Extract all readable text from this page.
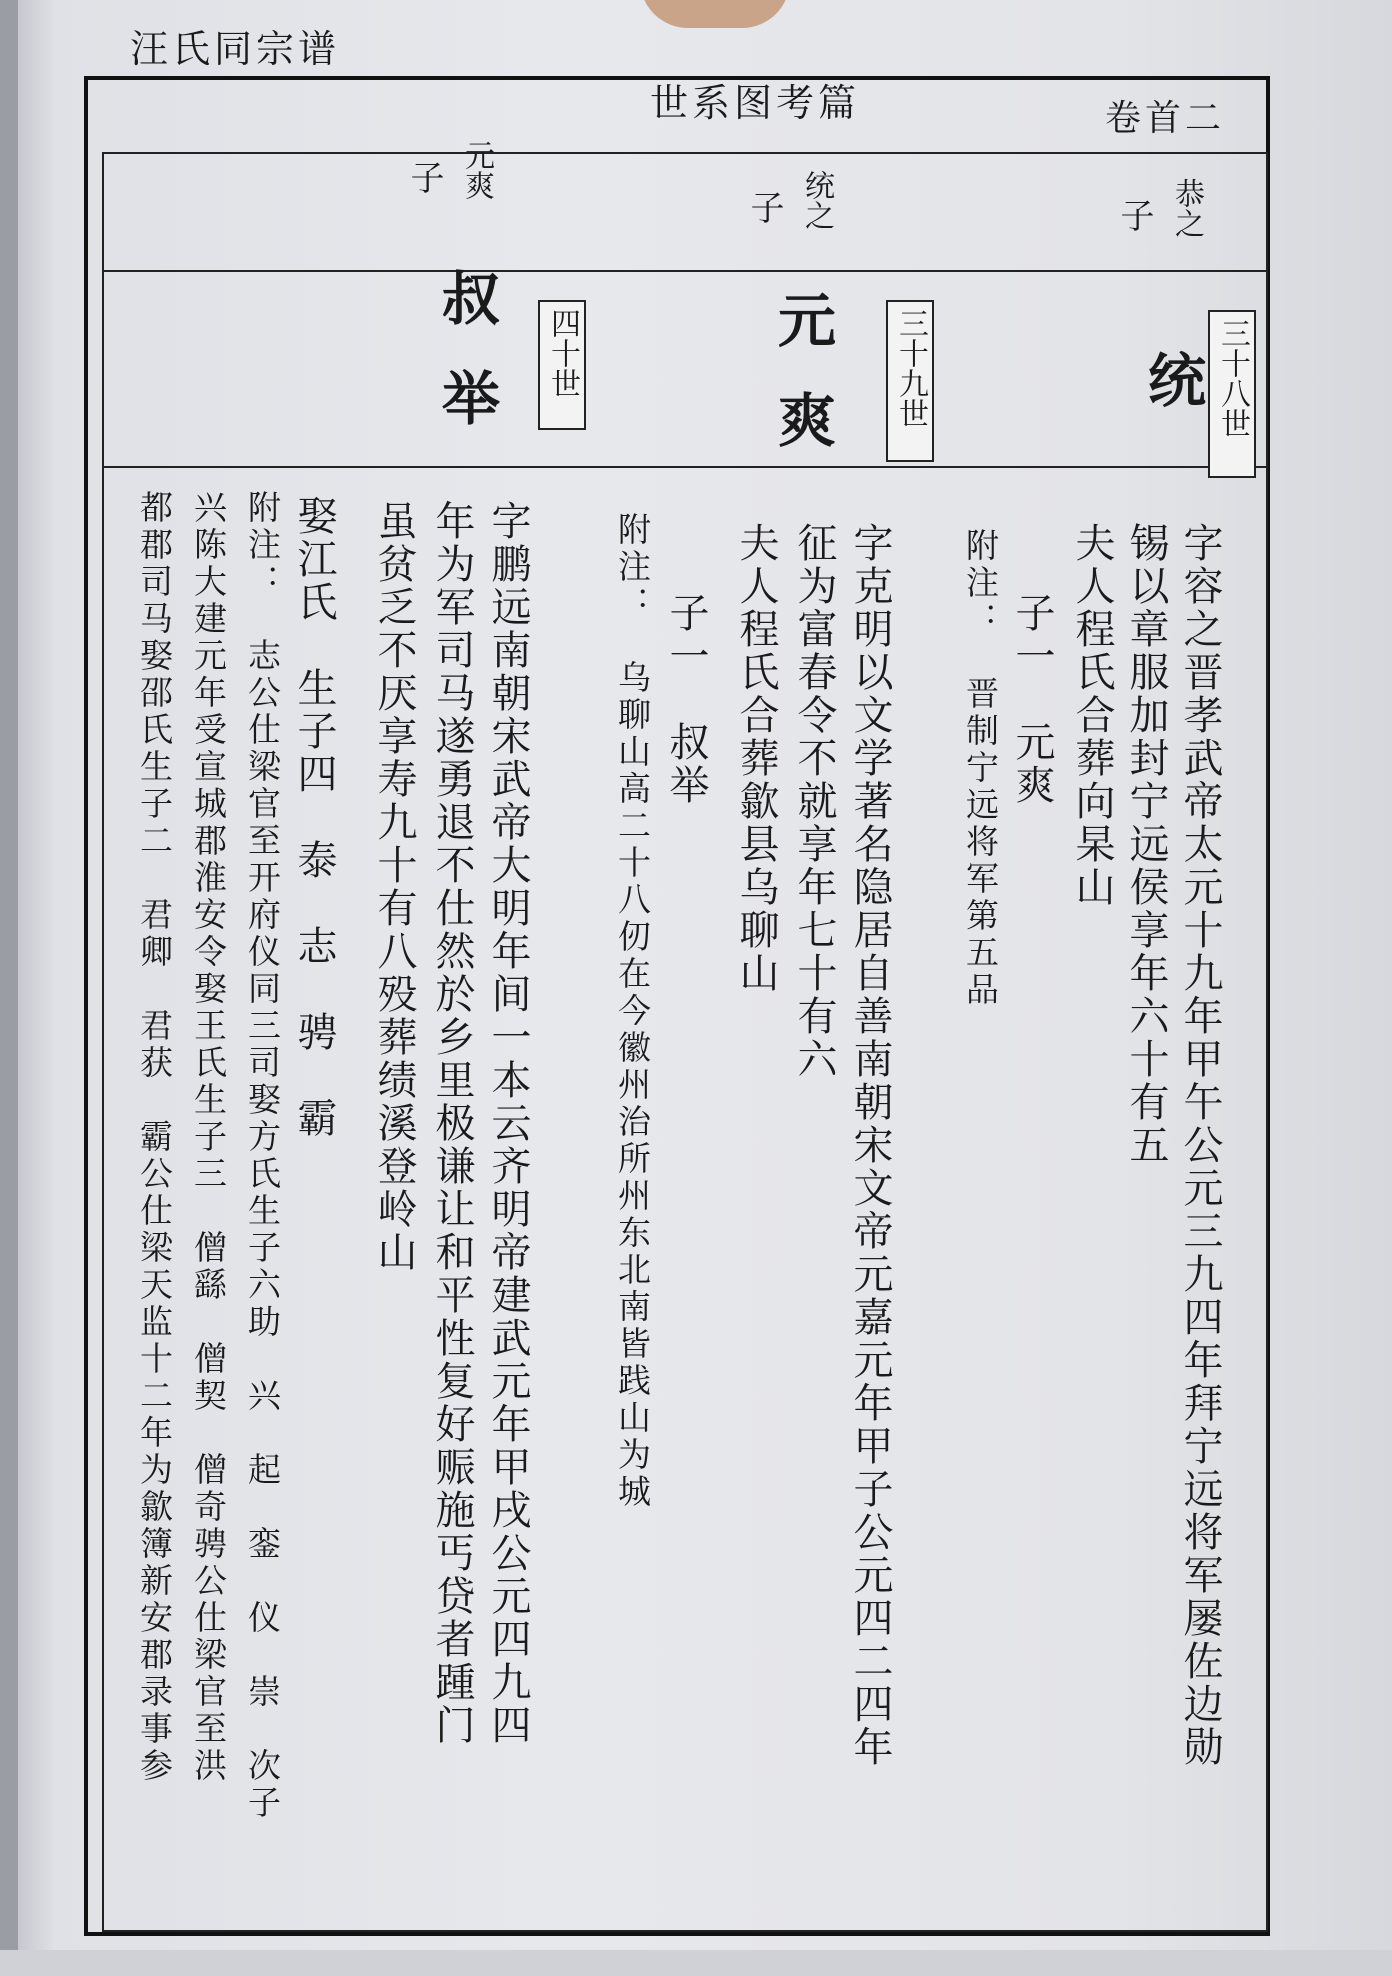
汪氏同宗谱
世系图考篇	卷首二
恭之
子
统之
子
元爽
子
统 三十八世
元爽 三十九世
叔举 四十世
字容之晋孝武帝太元十九年甲午公元三九四年拜宁远将军屡佐边勋
锡以章服加封宁远侯享年六十有五
夫人程氏合葬向杲山
子一　元爽
附注：　晋制宁远将军第五品
字克明以文学著名隐居自善南朝宋文帝元嘉元年甲子公元四二四年
征为富春令不就享年七十有六
夫人程氏合葬歙县乌聊山
子一　叔举
附注：　乌聊山高二十八仞在今徽州治所州东北南皆践山为城
字鹏远南朝宋武帝大明年间一本云齐明帝建武元年甲戌公元四九四
年为军司马遂勇退不仕然於乡里极谦让和平性复好赈施丐贷者踵门
虽贫乏不厌享寿九十有八殁葬绩溪登岭山
娶江氏　生子四　泰　志　骋　霸
附注：　志公仕梁官至开府仪同三司娶方氏生子六助　兴　起　銮　仪　崇　次子
兴陈大建元年受宣城郡淮安令娶王氏生子三　僧繇　僧契　僧奇骋公仕梁官至洪
都郡司马娶邵氏生子二　君卿　君获　霸公仕梁天监十二年为歙簿新安郡录事参
